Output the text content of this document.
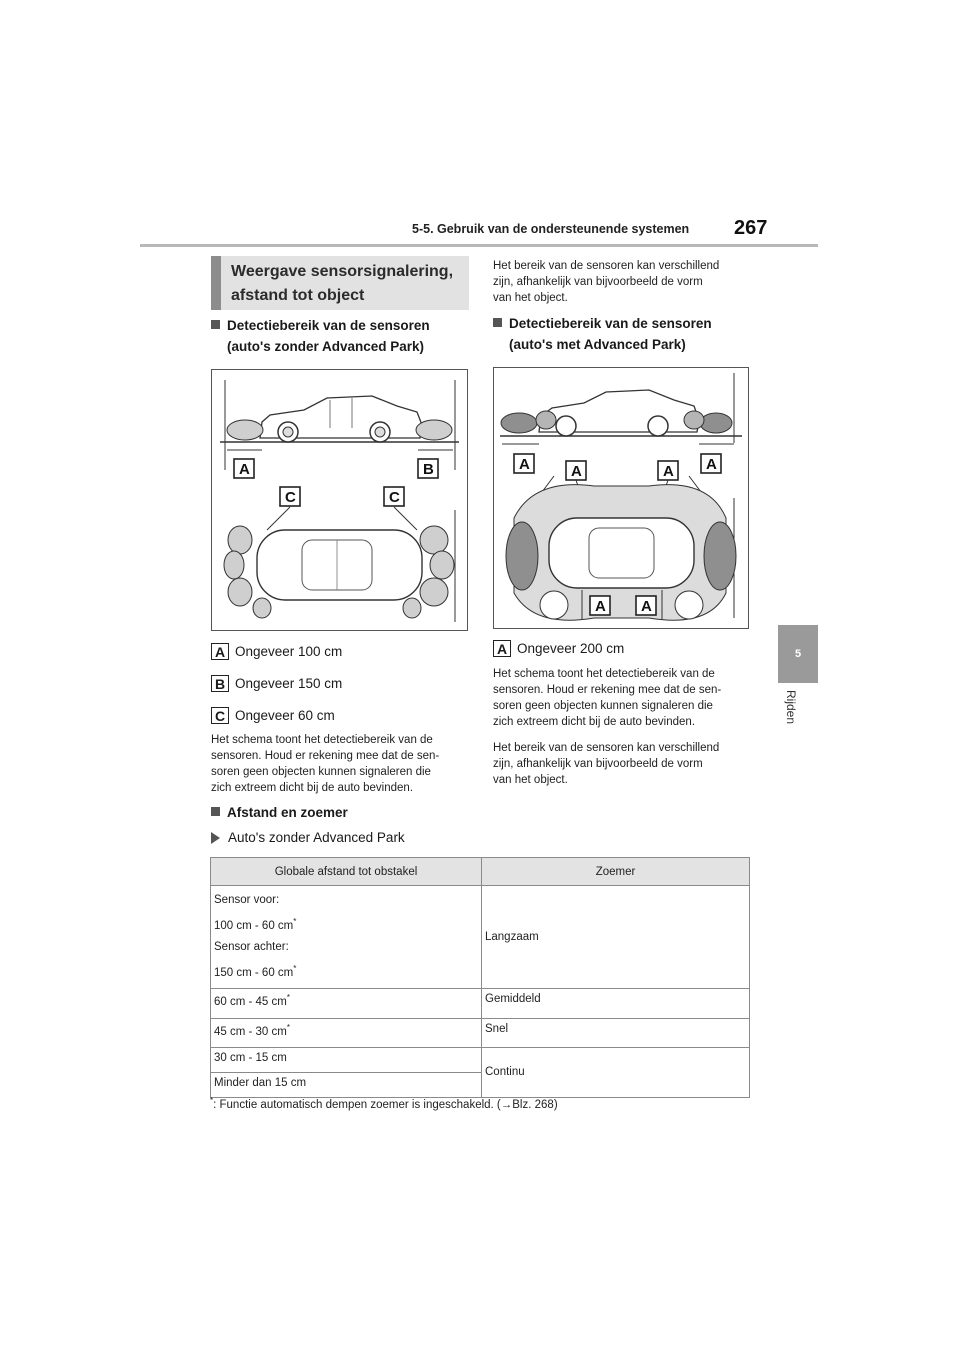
5-5. Gebruik van de ondersteunende systemen 267
5
Rijden
Weergave sensorsignalering,
afstand tot object
Detectiebereik van de sensoren
(auto's zonder Advanced Park)
A	B
C	C
A Ongeveer 100 cm
B Ongeveer 150 cm
C Ongeveer 60 cm
Het schema toont het detectiebereik van de
sensoren. Houd er rekening mee dat de sen-
soren geen objecten kunnen signaleren die
zich extreem dicht bij de auto bevinden.
Afstand en zoemer
Auto's zonder Advanced Park
Het bereik van de sensoren kan verschillend
zijn, afhankelijk van bijvoorbeeld de vorm
van het object.
Detectiebereik van de sensoren
(auto's met Advanced Park)
A	A	A A
A A
A Ongeveer 200 cm
Het schema toont het detectiebereik van de
sensoren. Houd er rekening mee dat de sen-
soren geen objecten kunnen signaleren die
zich extreem dicht bij de auto bevinden.
Het bereik van de sensoren kan verschillend
zijn, afhankelijk van bijvoorbeeld de vorm
van het object.
Globale afstand tot obstakel	Zoemer

Sensor voor:
100 cm - 60 cm*
Sensor achter:
150 cm - 60 cm*	Langzaam
60 cm - 45 cm*	Gemiddeld
45 cm - 30 cm*	Snel
30 cm - 15 cm	Continu
Minder dan 15 cm	
*: Functie automatisch dempen zoemer is ingeschakeld. (→Blz. 268)
